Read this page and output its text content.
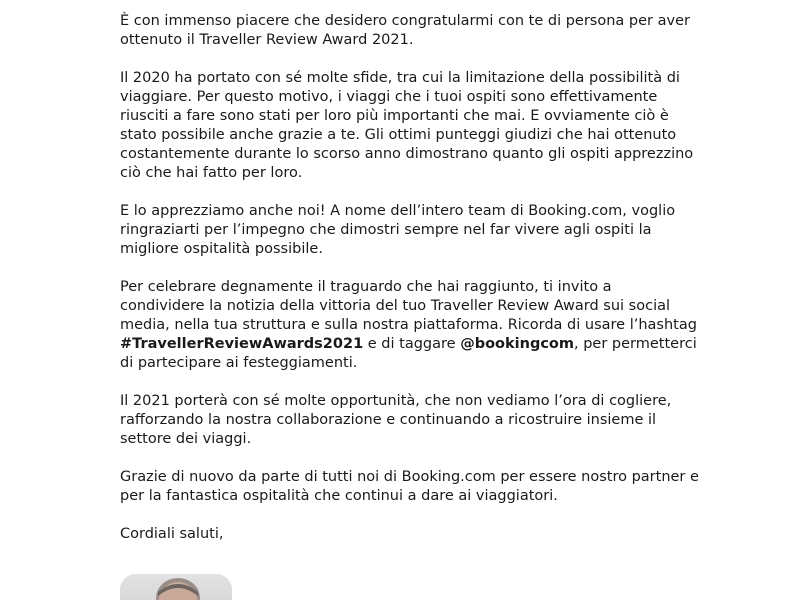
È con immenso piacere che desidero congratularmi con te di persona per aver ottenuto il Traveller Review Award 2021.

Il 2020 ha portato con sé molte sfide, tra cui la limitazione della possibilità di viaggiare. Per questo motivo, i viaggi che i tuoi ospiti sono effettivamente riusciti a fare sono stati per loro più importanti che mai. E ovviamente ciò è stato possibile anche grazie a te. Gli ottimi punteggi giudizi che hai ottenuto costantemente durante lo scorso anno dimostrano quanto gli ospiti apprezzino ciò che hai fatto per loro.

E lo apprezziamo anche noi! A nome dell’intero team di Booking.com, voglio ringraziarti per l’impegno che dimostri sempre nel far vivere agli ospiti la migliore ospitalità possibile.

Per celebrare degnamente il traguardo che hai raggiunto, ti invito a condividere la notizia della vittoria del tuo Traveller Review Award sui social media, nella tua struttura e sulla nostra piattaforma. Ricorda di usare l’hashtag #TravellerReviewAwards2021 e di taggare @bookingcom, per permetterci di partecipare ai festeggiamenti.

Il 2021 porterà con sé molte opportunità, che non vediamo l’ora di cogliere, rafforzando la nostra collaborazione e continuando a ricostruire insieme il settore dei viaggi.

Grazie di nuovo da parte di tutti noi di Booking.com per essere nostro partner e per la fantastica ospitalità che continui a dare ai viaggiatori.

Cordiali saluti,
